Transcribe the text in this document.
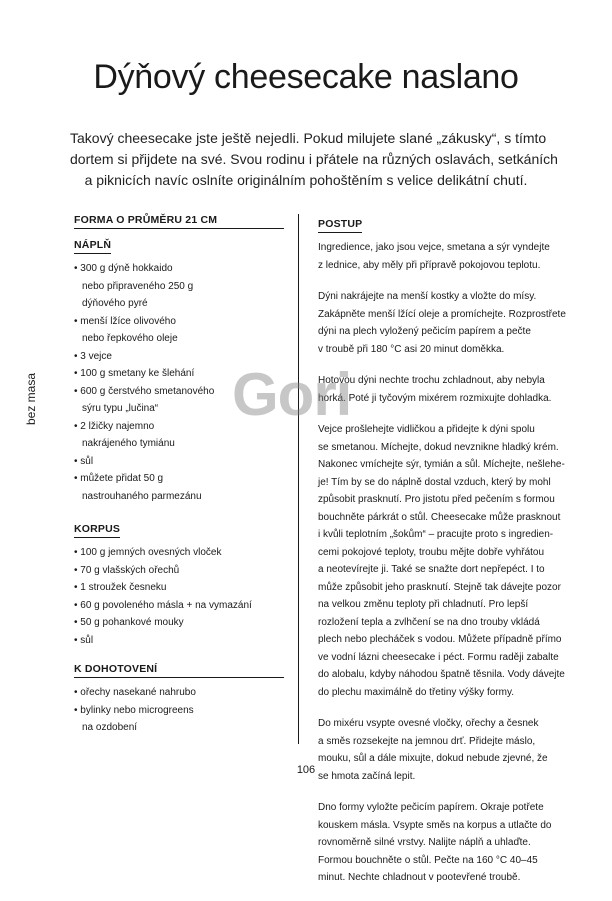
Dýňový cheesecake naslano
Takový cheesecake jste ještě nejedli. Pokud milujete slané „zákusky“, s tímto
dortem si přijdete na své. Svou rodinu i přátele na různých oslavách, setkáních
a piknicích navíc oslníte originálním pohoštěním s velice delikátní chutí.
bez masa
FORMA O PRŮMĚRU 21 CM
NÁPLŇ
• 300 g dýně hokkaido
nebo připraveného 250 g
dýňového pyré
• menší lžíce olivového
nebo řepkového oleje
• 3 vejce
• 100 g smetany ke šlehání
• 600 g čerstvého smetanového
sýru typu „lučina“
• 2 lžičky najemno
nakrájeného tymiánu
• sůl
• můžete přidat 50 g
nastrouhaného parmezánu
KORPUS
• 100 g jemných ovesných vloček
• 70 g vlašských ořechů
• 1 stroužek česneku
• 60 g povoleného másla + na vymazání
• 50 g pohankové mouky
• sůl
K DOHOTOVENÍ
• ořechy nasekané nahrubo
• bylinky nebo microgreens
na ozdobení
POSTUP
Ingredience, jako jsou vejce, smetana a sýr vyndejte
z lednice, aby měly při přípravě pokojovou teplotu.
Dýni nakrájejte na menší kostky a vložte do mísy.
Zakápněte menší lžící oleje a promíchejte. Rozprostřete
dýni na plech vyložený pečicím papírem a pečte
v troubě při 180 °C asi 20 minut doměkka.
Hotovou dýni nechte trochu zchladnout, aby nebyla
horká. Poté ji tyčovým mixérem rozmixujte dohladka.
Vejce prošlehejte vidličkou a přidejte k dýni spolu
se smetanou. Míchejte, dokud nevznikne hladký krém.
Nakonec vmíchejte sýr, tymián a sůl. Míchejte, nešlehe-
je! Tím by se do náplně dostal vzduch, který by mohl
způsobit prasknutí. Pro jistotu před pečením s formou
bouchněte párkrát o stůl. Cheesecake může prasknout
i kvůli teplotním „šokům“ – pracujte proto s ingredien-
cemi pokojové teploty, troubu mějte dobře vyhřátou
a neotevírejte ji. Také se snažte dort nepřepéct. I to
může způsobit jeho prasknutí. Stejně tak dávejte pozor
na velkou změnu teploty při chladnutí. Pro lepší
rozložení tepla a zvlhčení se na dno trouby vkládá
plech nebo plecháček s vodou. Můžete případně přímo
ve vodní lázni cheesecake i péct. Formu raději zabalte
do alobalu, kdyby náhodou špatně těsnila. Vody dávejte
do plechu maximálně do třetiny výšky formy.
Do mixéru vsypte ovesné vločky, ořechy a česnek
a směs rozsekejte na jemnou drť. Přidejte máslo,
mouku, sůl a dále mixujte, dokud nebude zjevné, že
se hmota začíná lepit.
Dno formy vyložte pečicím papírem. Okraje potřete
kouskem másla. Vsypte směs na korpus a utlačte do
rovnoměrně silné vrstvy. Nalijte náplň a uhlaďte.
Formou bouchněte o stůl. Pečte na 160 °C 40–45
minut. Nechte chladnout v pootevřené troubě.
106
Gori
